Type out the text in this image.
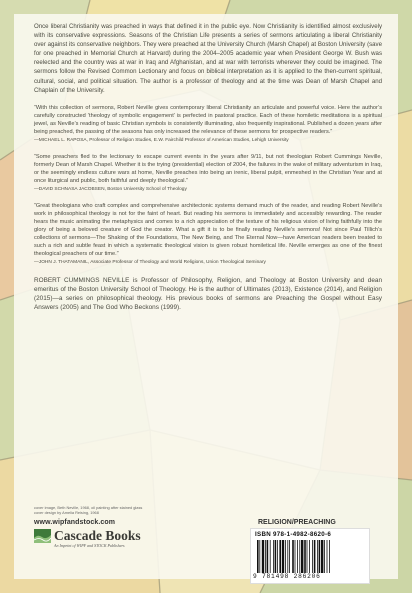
Once liberal Christianity was preached in ways that defined it in the public eye. Now Christianity is identified almost exclusively with its conservative expressions. Seasons of the Christian Life presents a series of sermons articulating a liberal Christianity over against its conservative neighbors. They were preached at the University Church (Marsh Chapel) at Boston University (save for one preached in Memorial Church at Harvard) during the 2004–2005 academic year when President George W. Bush was reelected and the country was at war in Iraq and Afghanistan, and at war with terrorists wherever they could be imagined. The sermons follow the Revised Common Lectionary and focus on biblical interpretation as it is applied to the then-current spiritual, cultural, social, and political situation. The author is a professor of theology and at the time was Dean of Marsh Chapel and Chaplain of the University.

“With this collection of sermons, Robert Neville gives contemporary liberal Christianity an articulate and powerful voice. Here the author’s carefully constructed ‘theology of symbolic engagement’ is perfected in pastoral practice. Each of these homiletic meditations is a spiritual jewel, as Neville’s reading of basic Christian symbols is consistently illuminating, also frequently inspirational. Published a dozen years after being preached, the passing of the seasons has only increased the relevance of these sermons for prospective readers.”

—MICHAEL L. RAPOSA, Professor of Religion Studies, E.W. Fairchild Professor of American Studies, Lehigh University

“Some preachers fled to the lectionary to escape current events in the years after 9/11, but not theologian Robert Cummings Neville, formerly Dean of Marsh Chapel. Whether it is the trying (presidential) election of 2004, the failures in the wake of military adventurism in Iraq, or the seemingly endless culture wars at home, Neville preaches into being an irenic, liberal pulpit, enmeshed in the Christian Year and at once liturgical and public, both faithful and deeply theological.”

—DAVID SCHNASA JACOBSEN, Boston University School of Theology

“Great theologians who craft complex and comprehensive architectonic systems demand much of the reader, and reading Robert Neville’s work in philosophical theology is not for the faint of heart. But reading his sermons is immediately and accessibly rewarding. The reader hears the music animating the metaphysics and comes to a rich appreciation of the texture of his religious vision of living faithfully into the glory of being a beloved creature of God the creator. What a gift it is to be finally reading Neville’s sermons! Not since Paul Tillich’s collections of sermons—The Shaking of the Foundations, The New Being, and The Eternal Now—have American readers been treated to such a rich and subtle feast in which a systematic theological vision is given robust homiletical life. Neville emerges as one of the finest theological preachers of our time.”

—JOHN J. THATAMANIL, Associate Professor of Theology and World Religions, Union Theological Seminary

ROBERT CUMMINGS NEVILLE is Professor of Philosophy, Religion, and Theology at Boston University and dean emeritus of the Boston University School of Theology. He is the author of Ultimates (2013), Existence (2014), and Religion (2015)—a series on philosophical theology. His previous books of sermons are Preaching the Gospel without Easy Answers (2005) and The God Who Beckons (1999).

cover image, Beth Neville, 1968, oil painting after stained glass
cover design by Amelia Reising, 1968
www.wipfandstock.com
Cascade Books
An Imprint of WIPF and STOCK Publishers
RELIGION/PREACHING
ISBN 978-1-4982-8620-6
9 781498 286206
